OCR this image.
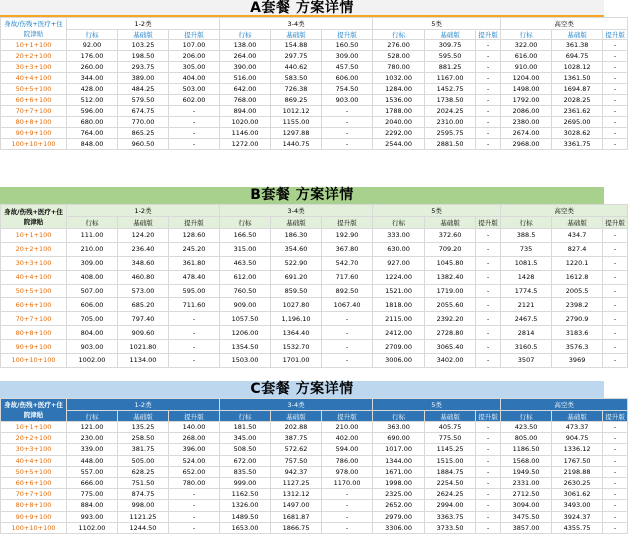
A套餐 方案详情
身故/伤残+医疗+住院津贴	1-2类			3-4类			5类			高空类		
	行标	基础版	提升版	行标	基础版	提升版	行标	基础版	提升版	行标	基础版	提升版
10+1+100	92.00	103.25	107.00	138.00	154.88	160.50	276.00	309.75	-	322.00	361.38	-
20+2+100	176.00	198.50	206.00	264.00	297.75	309.00	528.00	595.50	-	616.00	694.75	-
30+3+100	260.00	293.75	305.00	390.00	440.62	457.50	780.00	881.25	-	910.00	1028.12	-
40+4+100	344.00	389.00	404.00	516.00	583.50	606.00	1032.00	1167.00	-	1204.00	1361.50	-
50+5+100	428.00	484.25	503.00	642.00	726.38	754.50	1284.00	1452.75	-	1498.00	1694.87	-
60+6+100	512.00	579.50	602.00	768.00	869.25	903.00	1536.00	1738.50	-	1792.00	2028.25	-
70+7+100	596.00	674.75	-	894.00	1012.12	-	1788.00	2024.25	-	2086.00	2361.62	-
80+8+100	680.00	770.00	-	1020.00	1155.00	-	2040.00	2310.00	-	2380.00	2695.00	-
90+9+100	764.00	865.25	-	1146.00	1297.88	-	2292.00	2595.75	-	2674.00	3028.62	-
100+10+100	848.00	960.50	-	1272.00	1440.75	-	2544.00	2881.50	-	2968.00	3361.75	-
B套餐 方案详情
身故/伤残+医疗+住院津贴	1-2类			3-4类			5类			高空类		
	行标	基础版	提升版	行标	基础版	提升版	行标	基础版	提升版	行标	基础版	提升版
10+1+100	111.00	124.20	128.60	166.50	186.30	192.90	333.00	372.60	-	388.5	434.7	-
20+2+100	210.00	236.40	245.20	315.00	354.60	367.80	630.00	709.20	-	735	827.4	-
30+3+100	309.00	348.60	361.80	463.50	522.90	542.70	927.00	1045.80	-	1081.5	1220.1	-
40+4+100	408.00	460.80	478.40	612.00	691.20	717.60	1224.00	1382.40	-	1428	1612.8	-
50+5+100	507.00	573.00	595.00	760.50	859.50	892.50	1521.00	1719.00	-	1774.5	2005.5	-
60+6+100	606.00	685.20	711.60	909.00	1027.80	1067.40	1818.00	2055.60	-	2121	2398.2	-
70+7+100	705.00	797.40	-	1057.50	1,196.10	-	2115.00	2392.20	-	2467.5	2790.9	-
80+8+100	804.00	909.60	-	1206.00	1364.40	-	2412.00	2728.80	-	2814	3183.6	-
90+9+100	903.00	1021.80	-	1354.50	1532.70	-	2709.00	3065.40	-	3160.5	3576.3	-
100+10+100	1002.00	1134.00	-	1503.00	1701.00	-	3006.00	3402.00	-	3507	3969	-
C套餐 方案详情
身故/伤残+医疗+住院津贴	1-2类			3-4类			5类			高空类		
	行标	基础版	提升版	行标	基础版	提升版	行标	基础版	提升版	行标	基础版	提升版
10+1+100	121.00	135.25	140.00	181.50	202.88	210.00	363.00	405.75	-	423.50	473.37	-
20+2+100	230.00	258.50	268.00	345.00	387.75	402.00	690.00	775.50	-	805.00	904.75	-
30+3+100	339.00	381.75	396.00	508.50	572.62	594.00	1017.00	1145.25	-	1186.50	1336.12	-
40+4+100	448.00	505.00	524.00	672.00	757.50	786.00	1344.00	1515.00	-	1568.00	1767.50	-
50+5+100	557.00	628.25	652.00	835.50	942.37	978.00	1671.00	1884.75	-	1949.50	2198.88	-
60+6+100	666.00	751.50	780.00	999.00	1127.25	1170.00	1998.00	2254.50	-	2331.00	2630.25	-
70+7+100	775.00	874.75	-	1162.50	1312.12	-	2325.00	2624.25	-	2712.50	3061.62	-
80+8+100	884.00	998.00	-	1326.00	1497.00	-	2652.00	2994.00	-	3094.00	3493.00	-
90+9+100	993.00	1121.25	-	1489.50	1681.87	-	2979.00	3363.75	-	3475.50	3924.37	-
100+10+100	1102.00	1244.50	-	1653.00	1866.75	-	3306.00	3733.50	-	3857.00	4355.75	-
